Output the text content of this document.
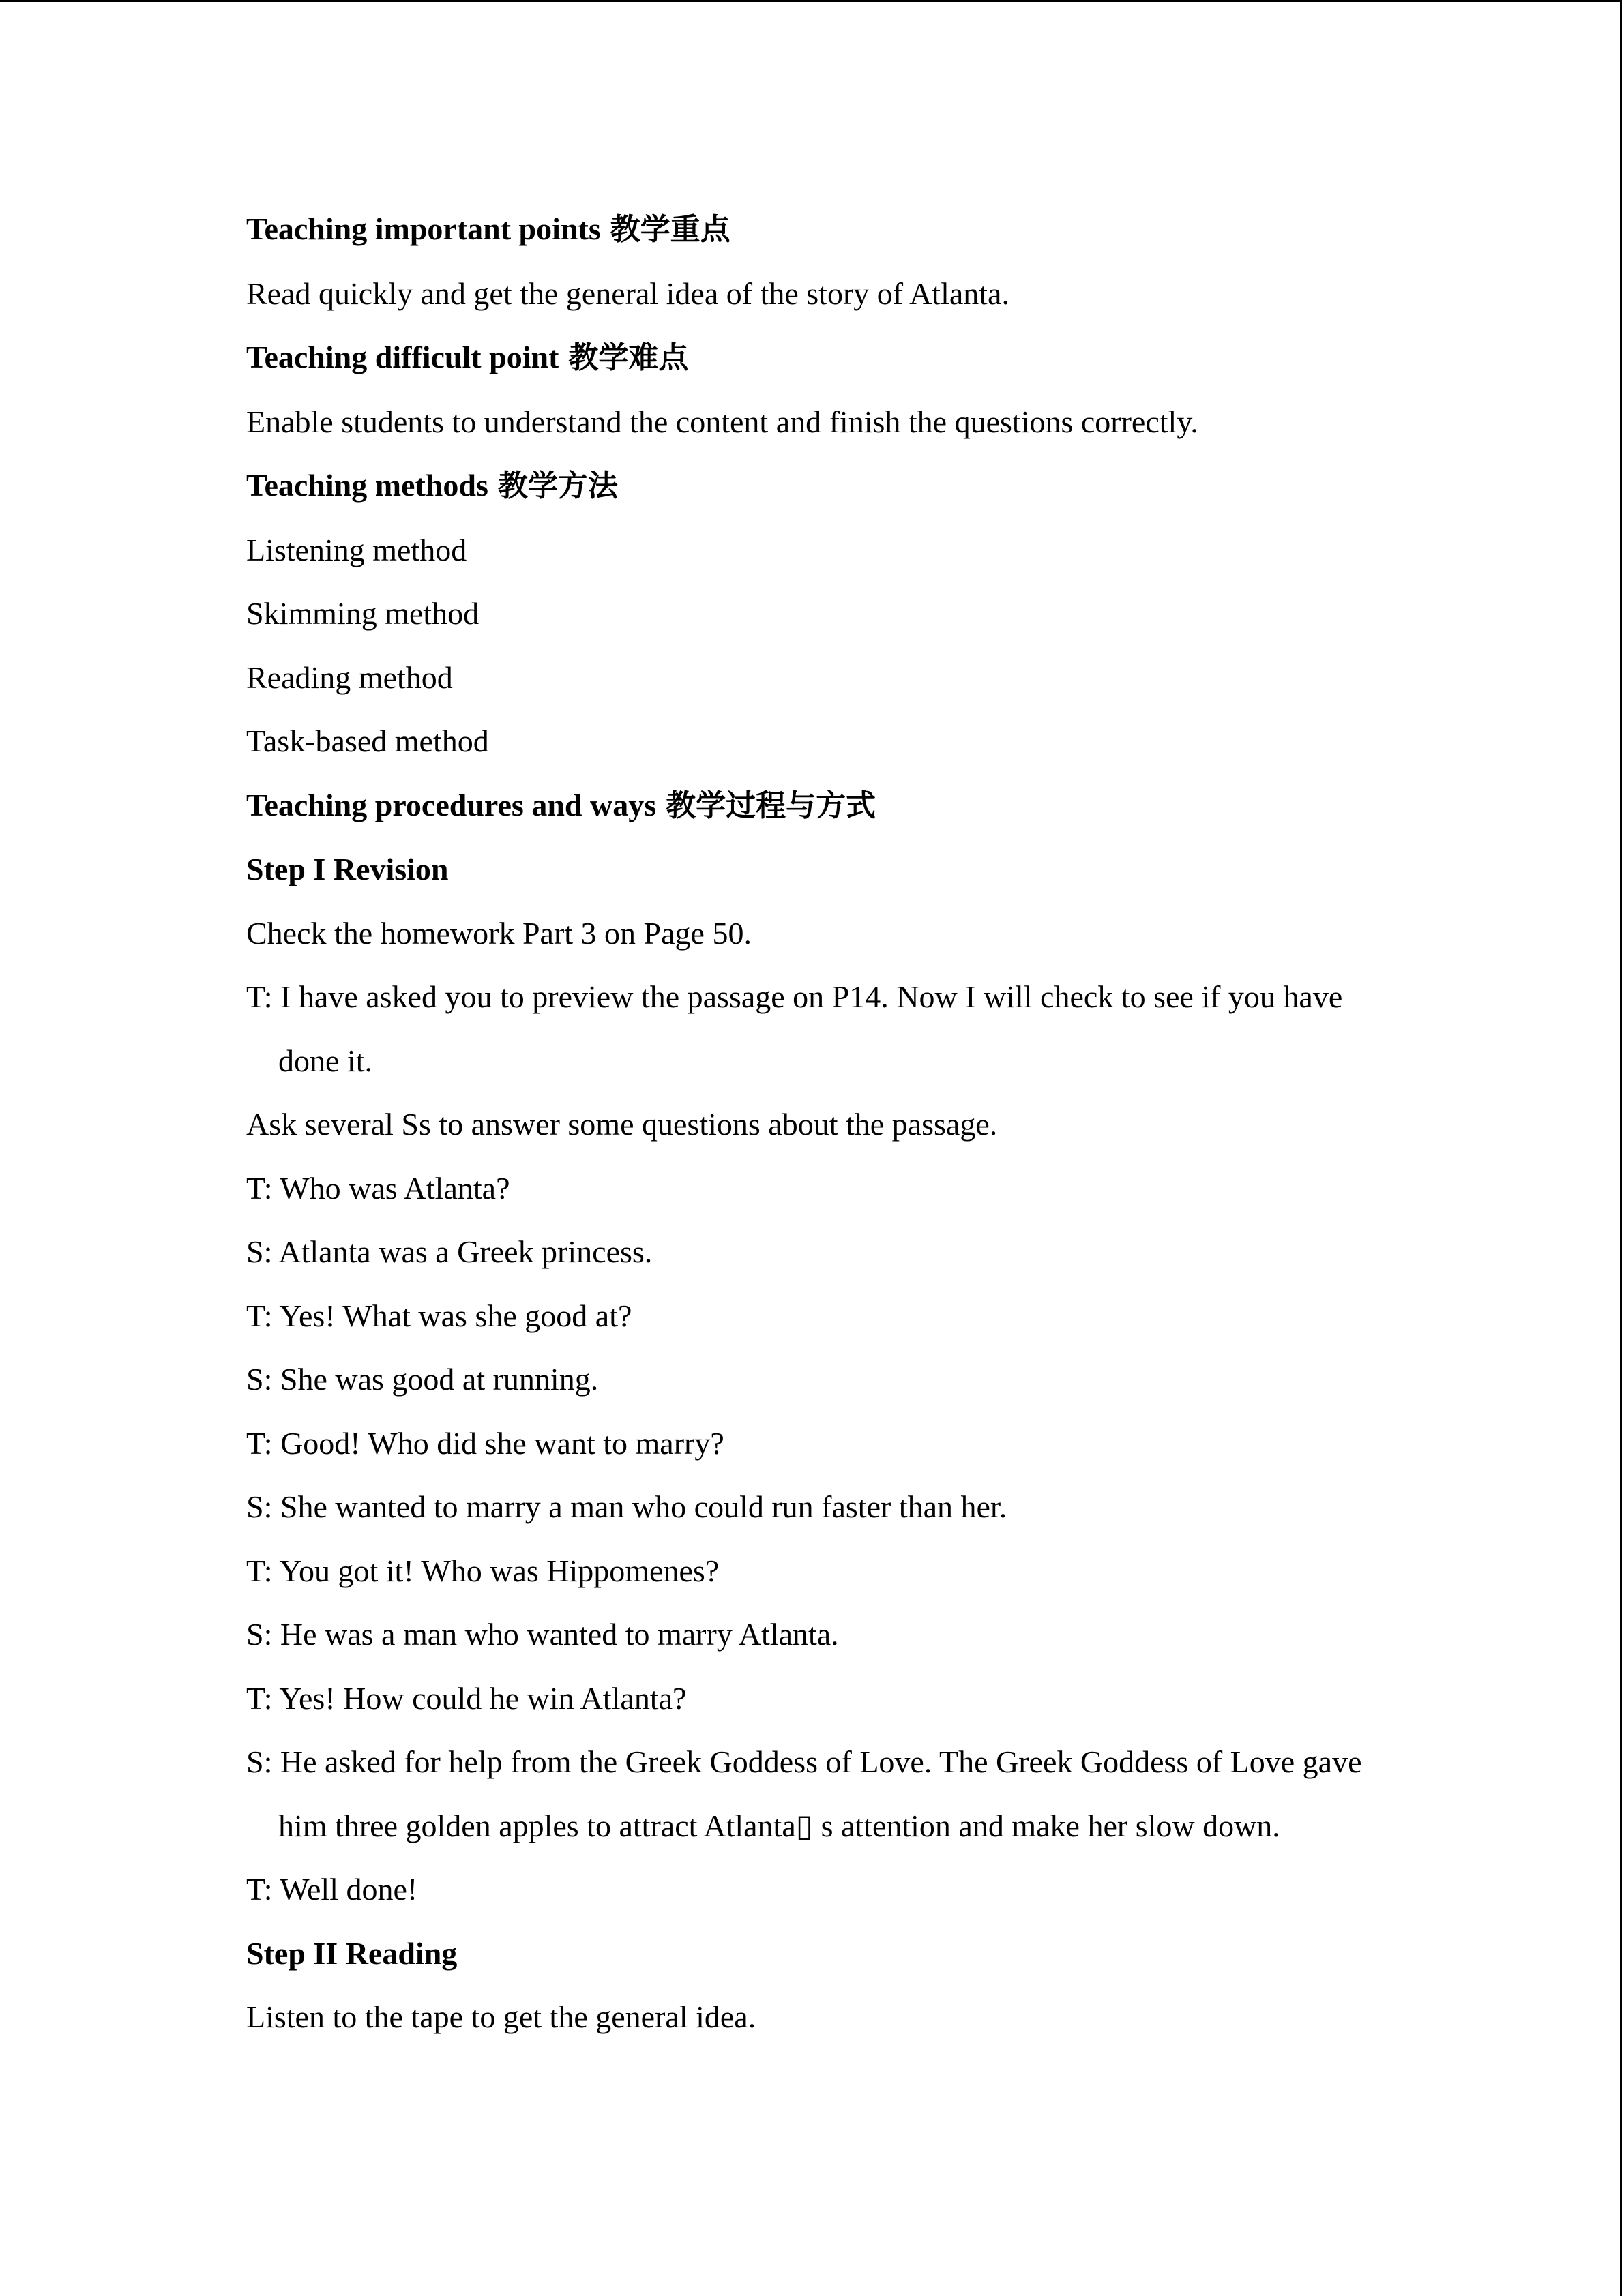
Teaching important points 教学重点

Read quickly and get the general idea of the story of Atlanta.

Teaching difficult point 教学难点

Enable students to understand the content and finish the questions correctly.

Teaching methods 教学方法

Listening method

Skimming method

Reading method

Task-based method

Teaching procedures and ways 教学过程与方式

Step I Revision

Check the homework Part 3 on Page 50.

T: I have asked you to preview the passage on P14. Now I will check to see if you have done it.

Ask several Ss to answer some questions about the passage.

T: Who was Atlanta?

S: Atlanta was a Greek princess.

T: Yes! What was she good at?

S: She was good at running.

T: Good! Who did she want to marry?

S: She wanted to marry a man who could run faster than her.

T: You got it! Who was Hippomenes?

S: He was a man who wanted to marry Atlanta.

T: Yes! How could he win Atlanta?

S: He asked for help from the Greek Goddess of Love. The Greek Goddess of Love gave him three golden apples to attract Atlanta▯ s attention and make her slow down.

T: Well done!

Step II Reading

Listen to the tape to get the general idea.
